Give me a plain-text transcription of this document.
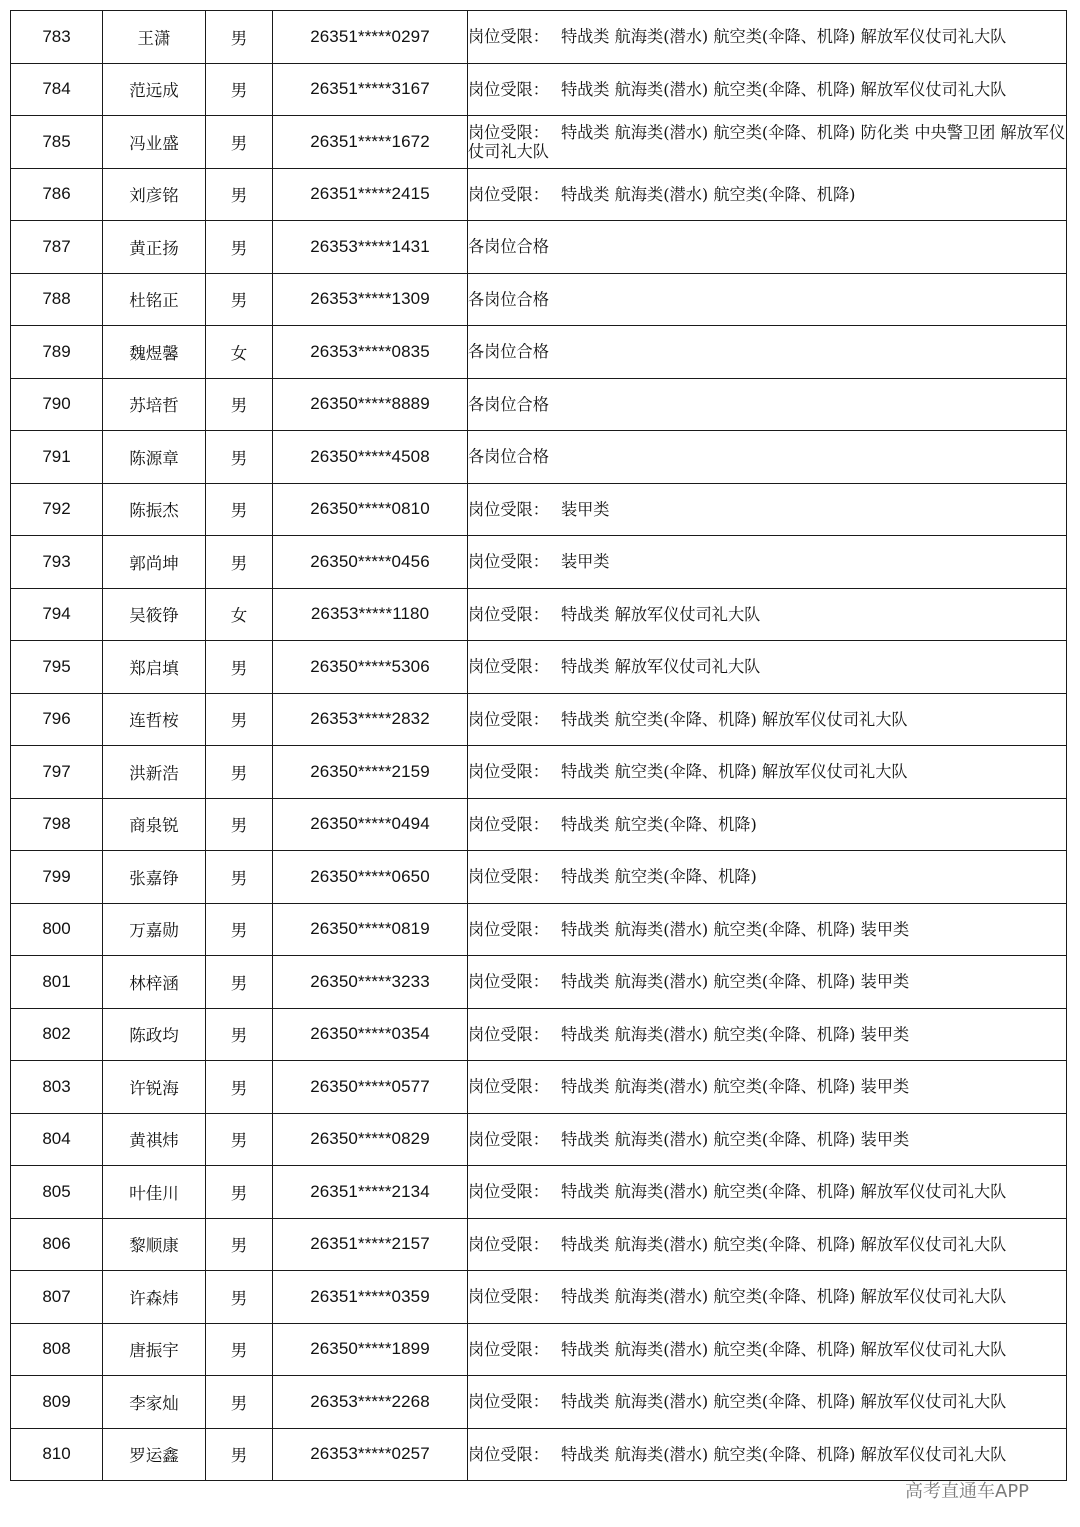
783	王潇	男	26351*****0297	岗位受限： 特战类 航海类(潜水) 航空类(伞降、机降) 解放军仪仗司礼大队
784	范远成	男	26351*****3167	岗位受限： 特战类 航海类(潜水) 航空类(伞降、机降) 解放军仪仗司礼大队
785	冯业盛	男	26351*****1672	岗位受限： 特战类 航海类(潜水) 航空类(伞降、机降) 防化类 中央警卫团 解放军仪仗司礼大队
786	刘彦铭	男	26351*****2415	岗位受限： 特战类 航海类(潜水) 航空类(伞降、机降)
787	黄正扬	男	26353*****1431	各岗位合格
788	杜铭正	男	26353*****1309	各岗位合格
789	魏煜馨	女	26353*****0835	各岗位合格
790	苏培哲	男	26350*****8889	各岗位合格
791	陈源章	男	26350*****4508	各岗位合格
792	陈振杰	男	26350*****0810	岗位受限： 装甲类
793	郭尚坤	男	26350*****0456	岗位受限： 装甲类
794	吴筱铮	女	26353*****1180	岗位受限： 特战类 解放军仪仗司礼大队
795	郑启填	男	26350*****5306	岗位受限： 特战类 解放军仪仗司礼大队
796	连哲桉	男	26353*****2832	岗位受限： 特战类 航空类(伞降、机降) 解放军仪仗司礼大队
797	洪新浩	男	26350*****2159	岗位受限： 特战类 航空类(伞降、机降) 解放军仪仗司礼大队
798	商泉锐	男	26350*****0494	岗位受限： 特战类 航空类(伞降、机降)
799	张嘉铮	男	26350*****0650	岗位受限： 特战类 航空类(伞降、机降)
800	万嘉勋	男	26350*****0819	岗位受限： 特战类 航海类(潜水) 航空类(伞降、机降) 装甲类
801	林梓涵	男	26350*****3233	岗位受限： 特战类 航海类(潜水) 航空类(伞降、机降) 装甲类
802	陈政均	男	26350*****0354	岗位受限： 特战类 航海类(潜水) 航空类(伞降、机降) 装甲类
803	许锐海	男	26350*****0577	岗位受限： 特战类 航海类(潜水) 航空类(伞降、机降) 装甲类
804	黄祺炜	男	26350*****0829	岗位受限： 特战类 航海类(潜水) 航空类(伞降、机降) 装甲类
805	叶佳川	男	26351*****2134	岗位受限： 特战类 航海类(潜水) 航空类(伞降、机降) 解放军仪仗司礼大队
806	黎顺康	男	26351*****2157	岗位受限： 特战类 航海类(潜水) 航空类(伞降、机降) 解放军仪仗司礼大队
807	许森炜	男	26351*****0359	岗位受限： 特战类 航海类(潜水) 航空类(伞降、机降) 解放军仪仗司礼大队
808	唐振宇	男	26350*****1899	岗位受限： 特战类 航海类(潜水) 航空类(伞降、机降) 解放军仪仗司礼大队
809	李家灿	男	26353*****2268	岗位受限： 特战类 航海类(潜水) 航空类(伞降、机降) 解放军仪仗司礼大队
810	罗运鑫	男	26353*****0257	岗位受限： 特战类 航海类(潜水) 航空类(伞降、机降) 解放军仪仗司礼大队
高考直通车APP
